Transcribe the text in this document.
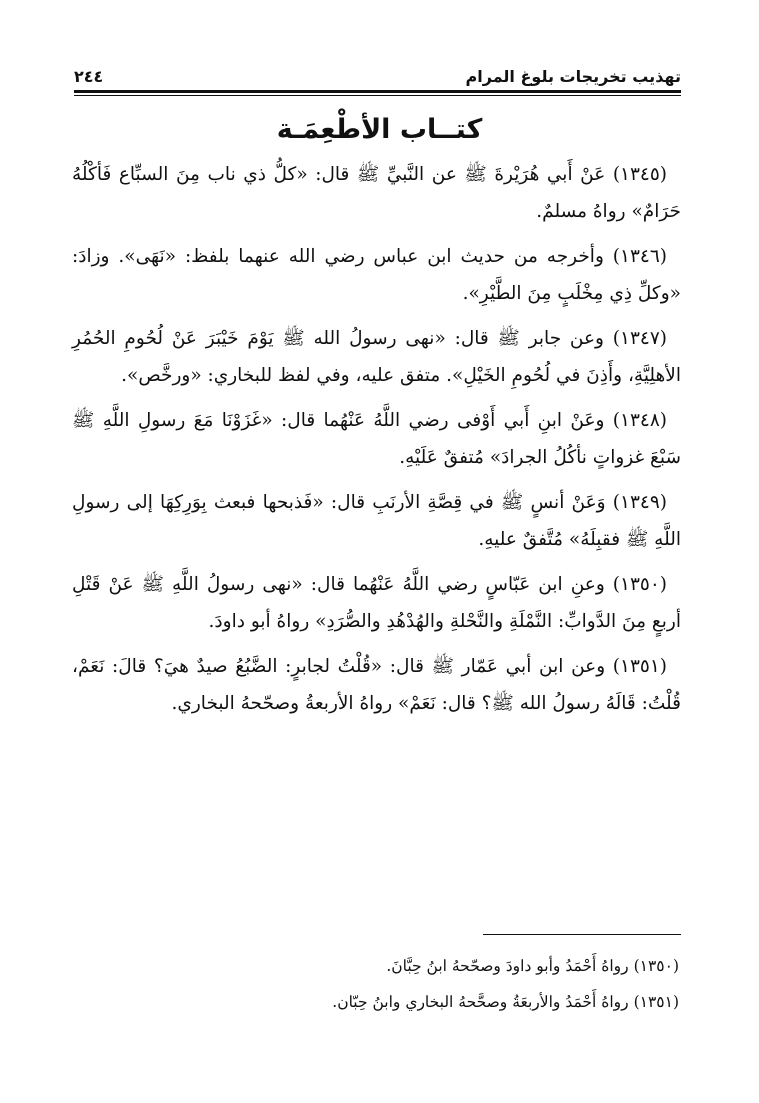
تهذيب تخريجات بلوغ المرام
٢٤٤
كتــاب الأطْعِمَـة

(١٣٤٥) عَنْ أَبي هُرَيْرةَ ﷺ عن النَّبيِّ ﷺ قال: «كلُّ ذي ناب مِنَ السبِّاع فَأكْلُهُ حَرَامٌ» رواهُ مسلمٌ.

(١٣٤٦) وأخرجه من حديث ابن عباس رضي الله عنهما بلفظ: «نَهَى». وزادَ: «وكلِّ ذِي مِخْلَبٍ مِنَ الطَّيْرِ».

(١٣٤٧) وعن جابر ﷺ قال: «نهى رسولُ الله ﷺ يَوْمَ خَيْبَرَ عَنْ لُحُومِ الحُمُرِ الأهلِيَّةِ، وأَذِنَ في لُحُومِ الخَيْلِ». متفق عليه، وفي لفظ للبخاري: «ورخَّص».

(١٣٤٨) وعَنْ ابنِ أَبي أَوْفى رضي اللَّهُ عَنْهُما قال: «غَزَوْنَا مَعَ رسولِ اللَّهِ ﷺ سَبْعَ غزواتٍ نأكُلُ الجرادَ» مُتفقٌ عَلَيْهِ.

(١٣٤٩) وَعَنْ أنسٍ ﷺ في قِصَّةِ الأرنَبِ قال: «فَذبحها فبعث بِوَرِكِهَا إلى رسولِ اللَّهِ ﷺ فقبِلَهُ» مُتَّفقٌ عليهِ.

(١٣٥٠) وعنِ ابن عَبّاسٍ رضي اللَّهُ عَنْهُما قال: «نهى رسولُ اللَّهِ ﷺ عَنْ قَتْلِ أربعٍ مِنَ الدَّوابِّ: النَّمْلَةِ والنَّحْلةِ والهُدْهُدِ والصُّرَدِ» رواهُ أبو داودَ.

(١٣٥١) وعن ابن أبي عَمّار ﷺ قال: «قُلْتُ لجابرٍ: الضَّبُعُ صيدٌ هيَ؟ قالَ: نَعَمْ، قُلْتُ: قَالَهُ رسولُ الله ﷺ؟ قال: نَعَمْ» رواهُ الأربعةُ وصحّحهُ البخاري.

(١٣٥٠) رواهُ أَحْمَدُ وأبو داودَ وصحّحهُ ابنُ حِبَّانَ.

(١٣٥١) رواهُ أَحْمَدُ والأربعَةُ وصحَّحهُ البخاري وابنُ حِبّان.
